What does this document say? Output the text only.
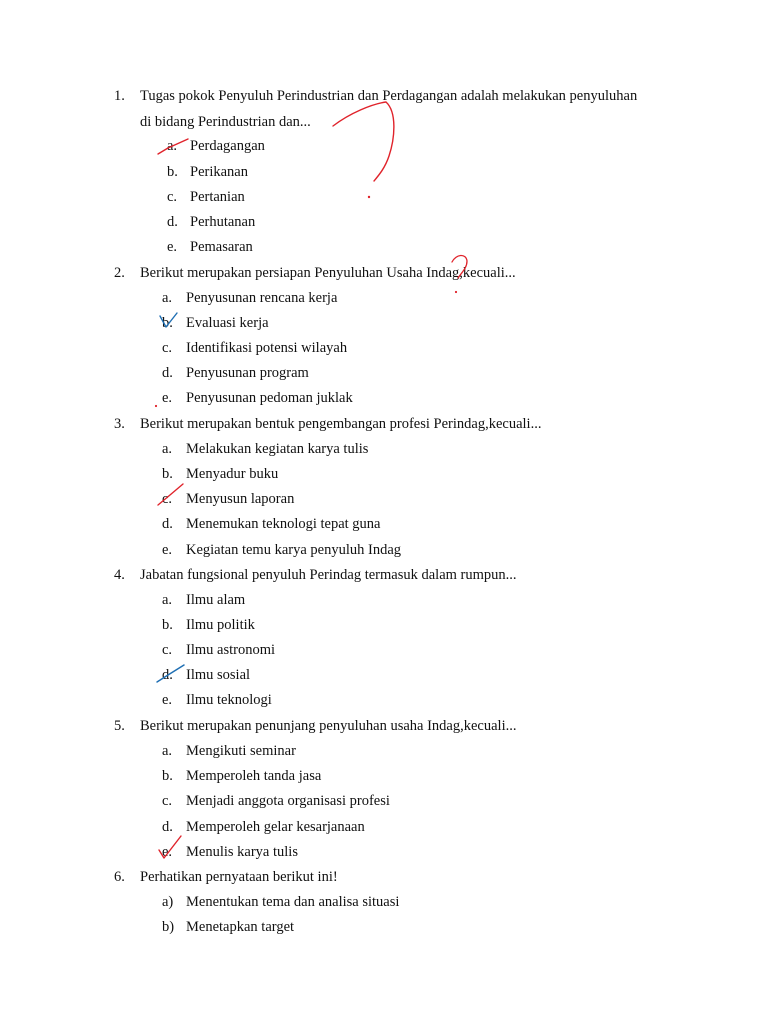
1. Tugas pokok Penyuluh Perindustrian dan Perdagangan adalah melakukan penyuluhan
di bidang Perindustrian dan...
a. Perdagangan
b. Perikanan
c. Pertanian
d. Perhutanan
e. Pemasaran
2. Berikut merupakan persiapan Penyuluhan Usaha Indag,kecuali...
a. Penyusunan rencana kerja
b. Evaluasi kerja
c. Identifikasi potensi wilayah
d. Penyusunan program
e. Penyusunan pedoman juklak
3. Berikut merupakan bentuk pengembangan profesi Perindag,kecuali...
a. Melakukan kegiatan karya tulis
b. Menyadur buku
c. Menyusun laporan
d. Menemukan teknologi tepat guna
e. Kegiatan temu karya penyuluh Indag
4. Jabatan fungsional penyuluh Perindag termasuk dalam rumpun...
a. Ilmu alam
b. Ilmu politik
c. Ilmu astronomi
d. Ilmu sosial
e. Ilmu teknologi
5. Berikut merupakan penunjang penyuluhan usaha Indag,kecuali...
a. Mengikuti seminar
b. Memperoleh tanda jasa
c. Menjadi anggota organisasi profesi
d. Memperoleh gelar kesarjanaan
e. Menulis karya tulis
6. Perhatikan pernyataan berikut ini!
a) Menentukan tema dan analisa situasi
b) Menetapkan target
